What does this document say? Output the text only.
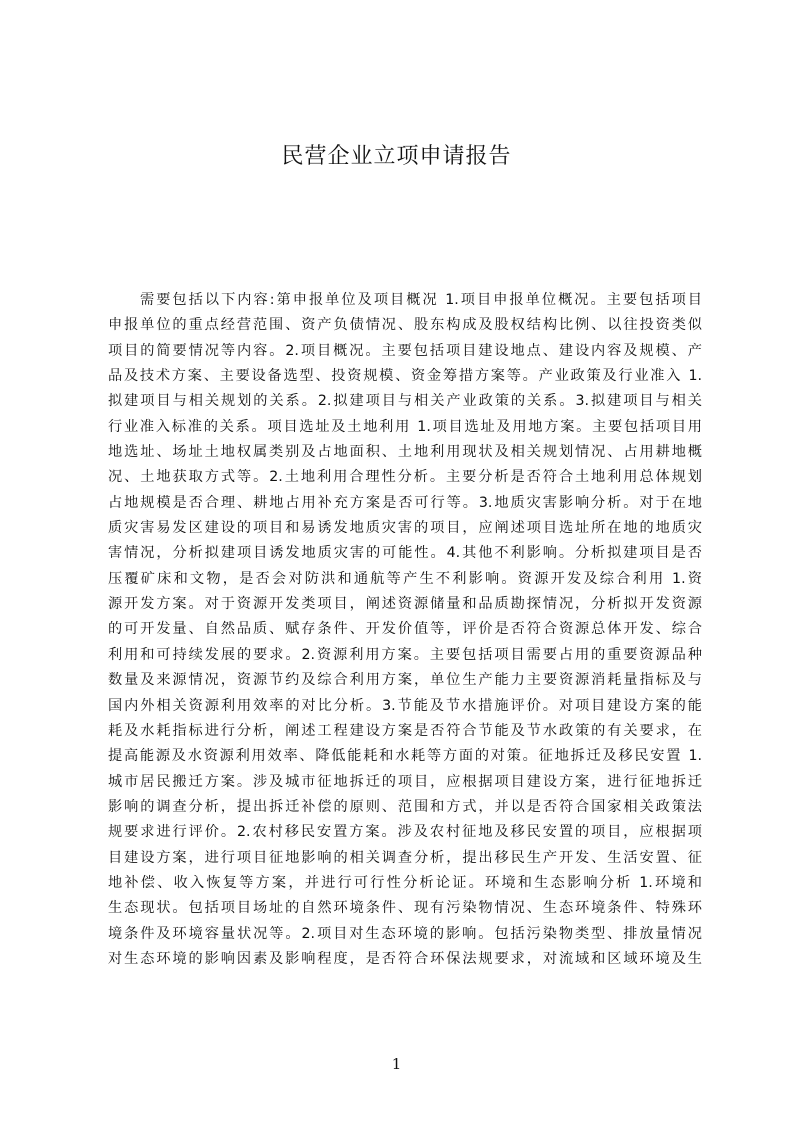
民营企业立项申请报告
需要包括以下内容:第申报单位及项目概况 1.项目申报单位概况。主要包括项目
申报单位的重点经营范围、资产负债情况、股东构成及股权结构比例、以往投资类似
项目的简要情况等内容。2.项目概况。主要包括项目建设地点、建设内容及规模、产
品及技术方案、主要设备选型、投资规模、资金筹措方案等。产业政策及行业准入 1.
拟建项目与相关规划的关系。2.拟建项目与相关产业政策的关系。3.拟建项目与相关
行业准入标准的关系。项目选址及土地利用 1.项目选址及用地方案。主要包括项目用
地选址、场址土地权属类别及占地面积、土地利用现状及相关规划情况、占用耕地概
况、土地获取方式等。2.土地利用合理性分析。主要分析是否符合土地利用总体规划
占地规模是否合理、耕地占用补充方案是否可行等。3.地质灾害影响分析。对于在地
质灾害易发区建设的项目和易诱发地质灾害的项目，应阐述项目选址所在地的地质灾
害情况，分析拟建项目诱发地质灾害的可能性。4.其他不利影响。分析拟建项目是否
压覆矿床和文物，是否会对防洪和通航等产生不利影响。资源开发及综合利用 1.资
源开发方案。对于资源开发类项目，阐述资源储量和品质勘探情况，分析拟开发资源
的可开发量、自然品质、赋存条件、开发价值等，评价是否符合资源总体开发、综合
利用和可持续发展的要求。2.资源利用方案。主要包括项目需要占用的重要资源品种
数量及来源情况，资源节约及综合利用方案，单位生产能力主要资源消耗量指标及与
国内外相关资源利用效率的对比分析。3.节能及节水措施评价。对项目建设方案的能
耗及水耗指标进行分析，阐述工程建设方案是否符合节能及节水政策的有关要求，在
提高能源及水资源利用效率、降低能耗和水耗等方面的对策。征地拆迁及移民安置 1.
城市居民搬迁方案。涉及城市征地拆迁的项目，应根据项目建设方案，进行征地拆迁
影响的调查分析，提出拆迁补偿的原则、范围和方式，并以是否符合国家相关政策法
规要求进行评价。2.农村移民安置方案。涉及农村征地及移民安置的项目，应根据项
目建设方案，进行项目征地影响的相关调查分析，提出移民生产开发、生活安置、征
地补偿、收入恢复等方案，并进行可行性分析论证。环境和生态影响分析 1.环境和
生态现状。包括项目场址的自然环境条件、现有污染物情况、生态环境条件、特殊环
境条件及环境容量状况等。2.项目对生态环境的影响。包括污染物类型、排放量情况
对生态环境的影响因素及影响程度，是否符合环保法规要求，对流域和区域环境及生
1
